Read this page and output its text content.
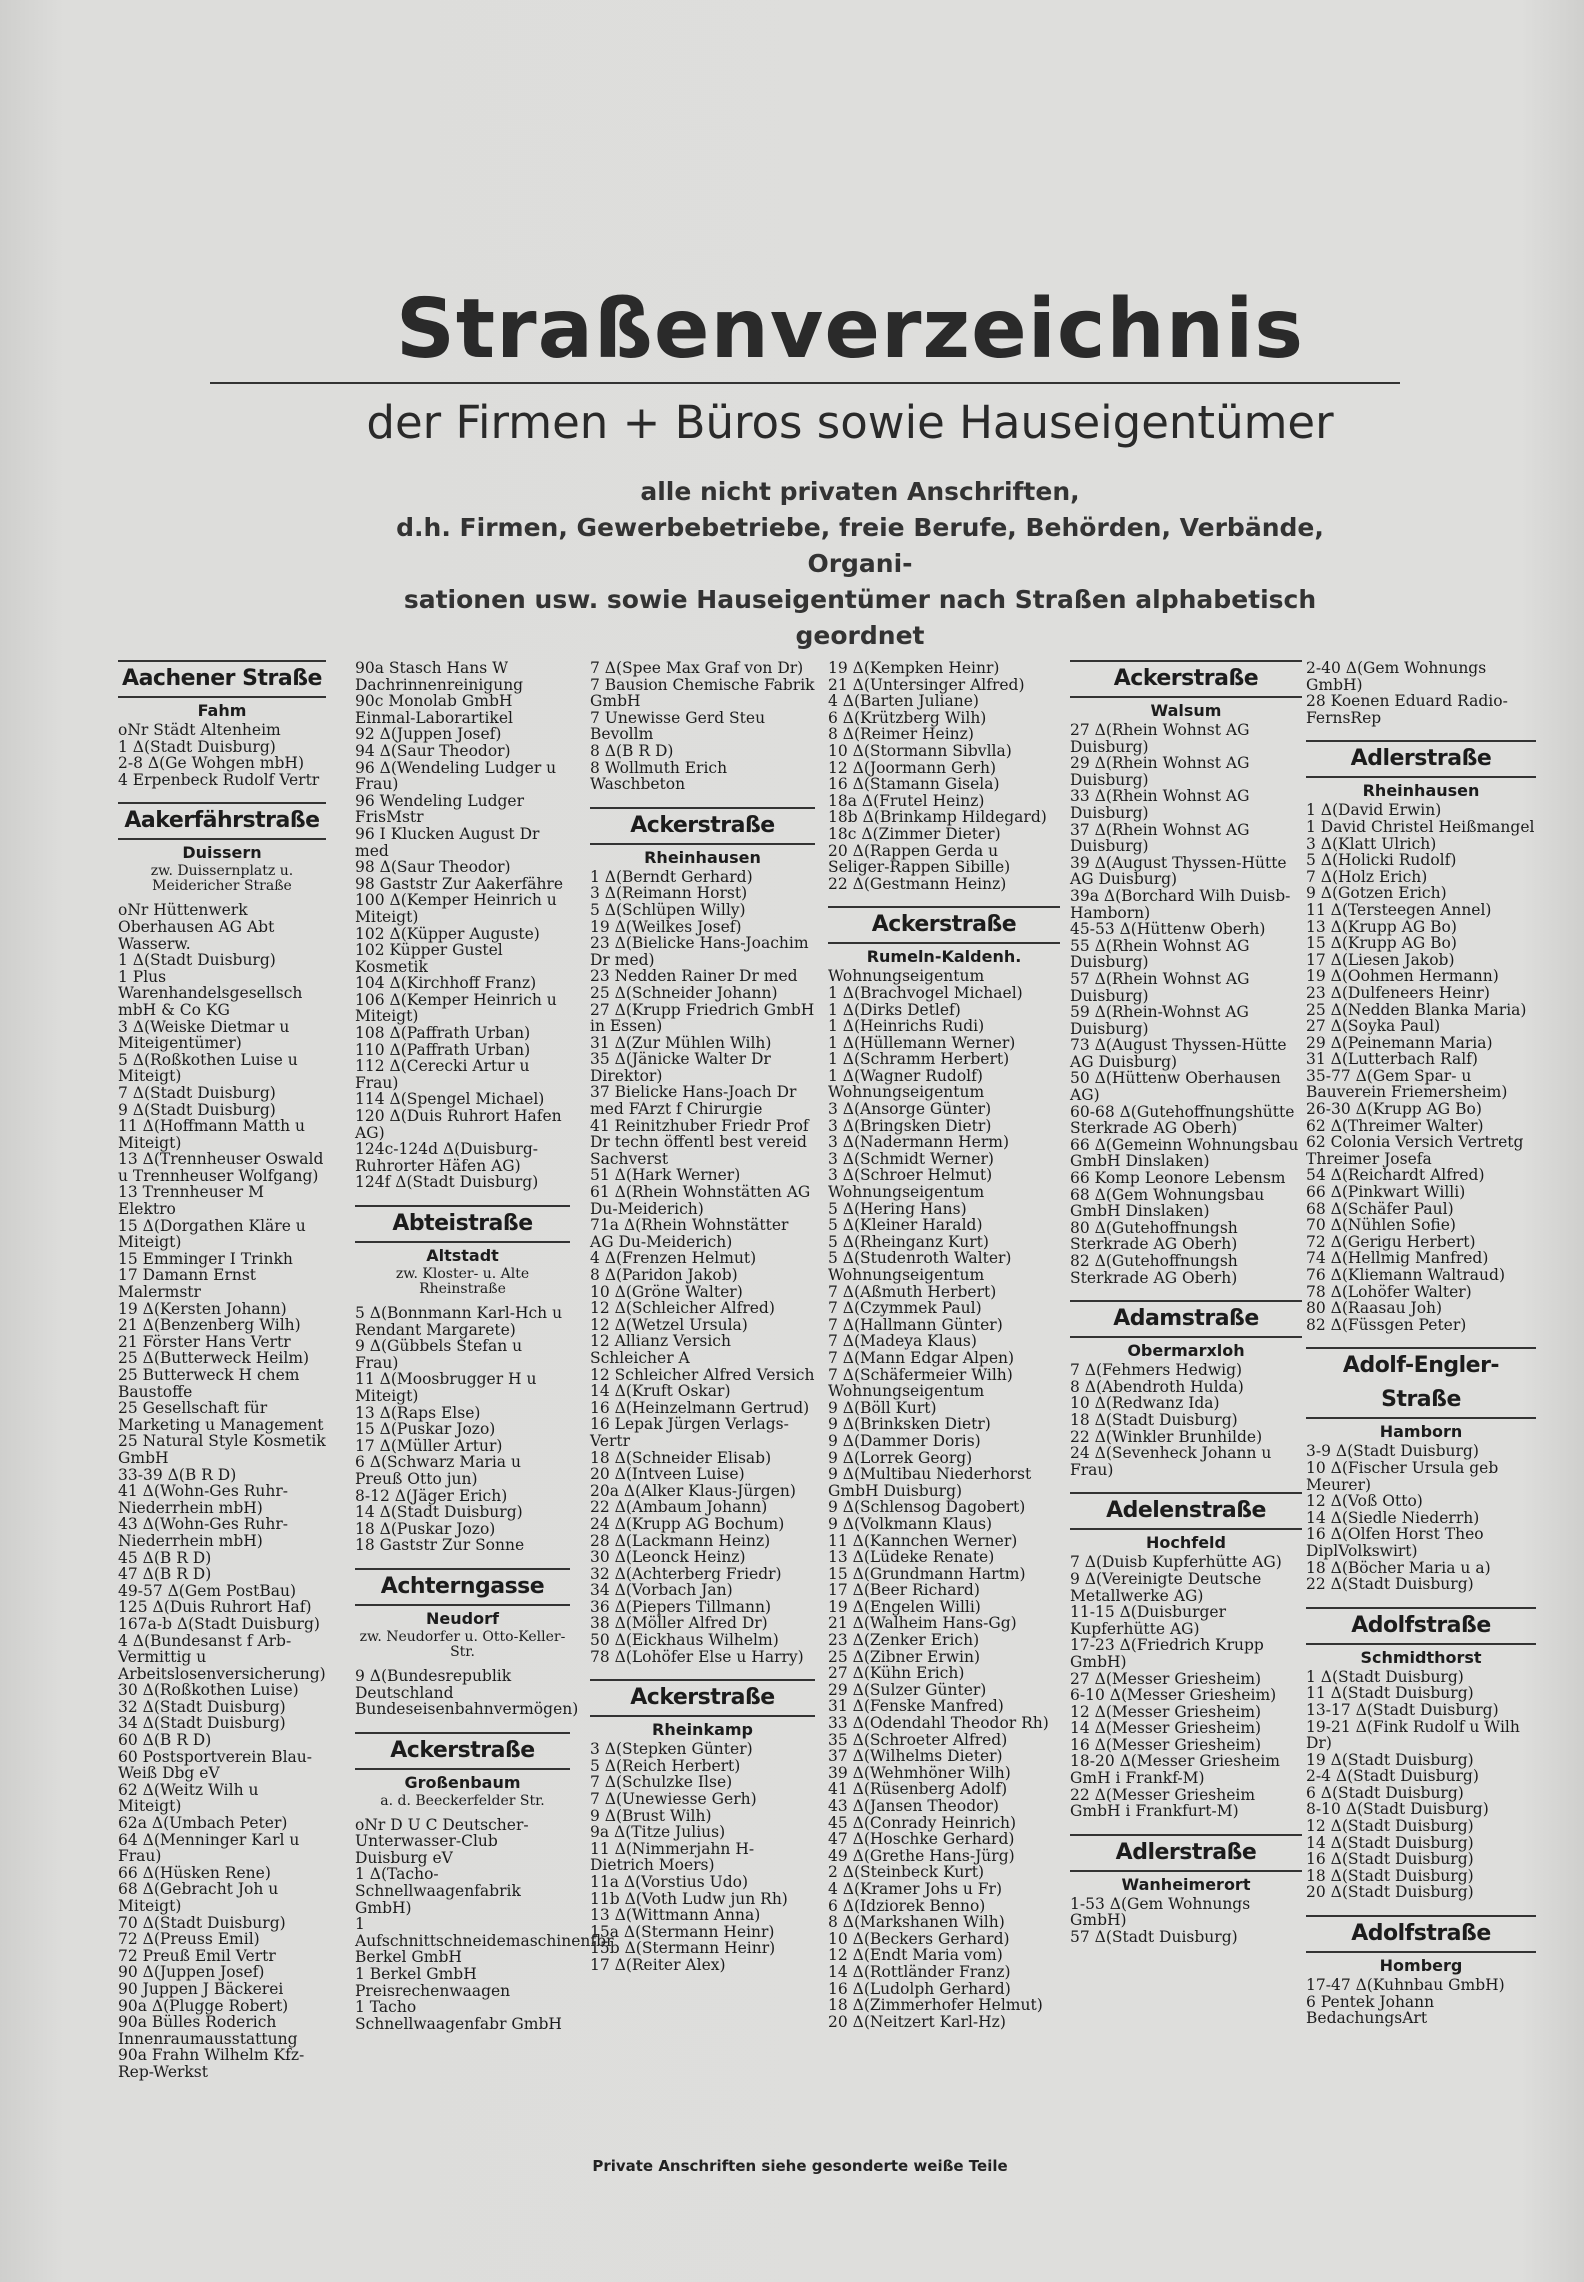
Straßenverzeichnis
der Firmen + Büros sowie Hauseigentümer
alle nicht privaten Anschriften,
d.h. Firmen, Gewerbebetriebe, freie Berufe, Behörden, Verbände, Organi-
sationen usw. sowie Hauseigentümer nach Straßen alphabetisch geordnet
Aachener Straße
Fahm
oNr Städt Altenheim
1 Δ(Stadt Duisburg)
2-8 Δ(Ge Wohgen mbH)
4 Erpenbeck Rudolf Vertr
Aakerfährstraße
Duissern
zw. Duissernplatz u. Meidericher Straße
oNr Hüttenwerk Oberhausen AG Abt Wasserw.
1 Δ(Stadt Duisburg)
1 Plus Warenhandelsgesellsch mbH & Co KG
3 Δ(Weiske Dietmar u Miteigentümer)
5 Δ(Roßkothen Luise u Miteigt)
7 Δ(Stadt Duisburg)
9 Δ(Stadt Duisburg)
11 Δ(Hoffmann Matth u Miteigt)
13 Δ(Trennheuser Oswald u Trennheuser Wolfgang)
13 Trennheuser M Elektro
15 Δ(Dorgathen Kläre u Miteigt)
15 Emminger I Trinkh
17 Damann Ernst Malermstr
19 Δ(Kersten Johann)
21 Δ(Benzenberg Wilh)
21 Förster Hans Vertr
25 Δ(Butterweck Heilm)
25 Butterweck H chem Baustoffe
25 Gesellschaft für Marketing u Management
25 Natural Style Kosmetik GmbH
33-39 Δ(B R D)
41 Δ(Wohn-Ges Ruhr-Niederrhein mbH)
43 Δ(Wohn-Ges Ruhr-Niederrhein mbH)
45 Δ(B R D)
47 Δ(B R D)
49-57 Δ(Gem PostBau)
125 Δ(Duis Ruhrort Haf)
167a-b Δ(Stadt Duisburg)
4 Δ(Bundesanst f Arb-Vermittig u Arbeitslosenversicherung)
30 Δ(Roßkothen Luise)
32 Δ(Stadt Duisburg)
34 Δ(Stadt Duisburg)
60 Δ(B R D)
60 Postsportverein Blau-Weiß Dbg eV
62 Δ(Weitz Wilh u Miteigt)
62a Δ(Umbach Peter)
64 Δ(Menninger Karl u Frau)
66 Δ(Hüsken Rene)
68 Δ(Gebracht Joh u Miteigt)
70 Δ(Stadt Duisburg)
72 Δ(Preuss Emil)
72 Preuß Emil Vertr
90 Δ(Juppen Josef)
90 Juppen J Bäckerei
90a Δ(Plugge Robert)
90a Bülles Roderich Innenraumausstattung
90a Frahn Wilhelm Kfz-Rep-Werkst
90a Stasch Hans W Dachrinnenreinigung
90c Monolab GmbH Einmal-Laborartikel
92 Δ(Juppen Josef)
94 Δ(Saur Theodor)
96 Δ(Wendeling Ludger u Frau)
96 Wendeling Ludger FrisMstr
96 I Klucken August Dr med
98 Δ(Saur Theodor)
98 Gaststr Zur Aakerfähre
100 Δ(Kemper Heinrich u Miteigt)
102 Δ(Küpper Auguste)
102 Küpper Gustel Kosmetik
104 Δ(Kirchhoff Franz)
106 Δ(Kemper Heinrich u Miteigt)
108 Δ(Paffrath Urban)
110 Δ(Paffrath Urban)
112 Δ(Cerecki Artur u Frau)
114 Δ(Spengel Michael)
120 Δ(Duis Ruhrort Hafen AG)
124c-124d Δ(Duisburg-Ruhrorter Häfen AG)
124f Δ(Stadt Duisburg)
Abteistraße
Altstadt
zw. Kloster- u. Alte Rheinstraße
5 Δ(Bonnmann Karl-Hch u Rendant Margarete)
9 Δ(Gübbels Stefan u Frau)
11 Δ(Moosbrugger H u Miteigt)
13 Δ(Raps Else)
15 Δ(Puskar Jozo)
17 Δ(Müller Artur)
6 Δ(Schwarz Maria u Preuß Otto jun)
8-12 Δ(Jäger Erich)
14 Δ(Stadt Duisburg)
18 Δ(Puskar Jozo)
18 Gaststr Zur Sonne
Achterngasse
Neudorf
zw. Neudorfer u. Otto-Keller-Str.
9 Δ(Bundesrepublik Deutschland Bundeseisenbahnvermögen)
Ackerstraße
Großenbaum
a. d. Beeckerfelder Str.
oNr D U C Deutscher-Unterwasser-Club Duisburg eV
1 Δ(Tacho-Schnellwaagenfabrik GmbH)
1 Aufschnittschneidemaschinenfbr Berkel GmbH
1 Berkel GmbH Preisrechenwaagen
1 Tacho Schnellwaagenfabr GmbH
7 Δ(Spee Max Graf von Dr)
7 Bausion Chemische Fabrik GmbH
7 Unewisse Gerd Steu Bevollm
8 Δ(B R D)
8 Wollmuth Erich Waschbeton
Ackerstraße
Rheinhausen
1 Δ(Berndt Gerhard)
3 Δ(Reimann Horst)
5 Δ(Schlüpen Willy)
19 Δ(Weilkes Josef)
23 Δ(Bielicke Hans-Joachim Dr med)
23 Nedden Rainer Dr med
25 Δ(Schneider Johann)
27 Δ(Krupp Friedrich GmbH in Essen)
31 Δ(Zur Mühlen Wilh)
35 Δ(Jänicke Walter Dr Direktor)
37 Bielicke Hans-Joach Dr med FArzt f Chirurgie
41 Reinitzhuber Friedr Prof Dr techn öffentl best vereid Sachverst
51 Δ(Hark Werner)
61 Δ(Rhein Wohnstätten AG Du-Meiderich)
71a Δ(Rhein Wohnstätter AG Du-Meiderich)
4 Δ(Frenzen Helmut)
8 Δ(Paridon Jakob)
10 Δ(Gröne Walter)
12 Δ(Schleicher Alfred)
12 Δ(Wetzel Ursula)
12 Allianz Versich Schleicher A
12 Schleicher Alfred Versich
14 Δ(Kruft Oskar)
16 Δ(Heinzelmann Gertrud)
16 Lepak Jürgen Verlags-Vertr
18 Δ(Schneider Elisab)
20 Δ(Intveen Luise)
20a Δ(Alker Klaus-Jürgen)
22 Δ(Ambaum Johann)
24 Δ(Krupp AG Bochum)
28 Δ(Lackmann Heinz)
30 Δ(Leonck Heinz)
32 Δ(Achterberg Friedr)
34 Δ(Vorbach Jan)
36 Δ(Piepers Tillmann)
38 Δ(Möller Alfred Dr)
50 Δ(Eickhaus Wilhelm)
78 Δ(Lohöfer Else u Harry)
Ackerstraße
Rheinkamp
3 Δ(Stepken Günter)
5 Δ(Reich Herbert)
7 Δ(Schulzke Ilse)
7 Δ(Unewiesse Gerh)
9 Δ(Brust Wilh)
9a Δ(Titze Julius)
11 Δ(Nimmerjahn H-Dietrich Moers)
11a Δ(Vorstius Udo)
11b Δ(Voth Ludw jun Rh)
13 Δ(Wittmann Anna)
15a Δ(Stermann Heinr)
15b Δ(Stermann Heinr)
17 Δ(Reiter Alex)
19 Δ(Kempken Heinr)
21 Δ(Untersinger Alfred)
4 Δ(Barten Juliane)
6 Δ(Krützberg Wilh)
8 Δ(Reimer Heinz)
10 Δ(Stormann Sibvlla)
12 Δ(Joormann Gerh)
16 Δ(Stamann Gisela)
18a Δ(Frutel Heinz)
18b Δ(Brinkamp Hildegard)
18c Δ(Zimmer Dieter)
20 Δ(Rappen Gerda u Seliger-Rappen Sibille)
22 Δ(Gestmann Heinz)
Ackerstraße
Rumeln-Kaldenh.
Wohnungseigentum
1 Δ(Brachvogel Michael)
1 Δ(Dirks Detlef)
1 Δ(Heinrichs Rudi)
1 Δ(Hüllemann Werner)
1 Δ(Schramm Herbert)
1 Δ(Wagner Rudolf) Wohnungseigentum
3 Δ(Ansorge Günter)
3 Δ(Bringsken Dietr)
3 Δ(Nadermann Herm)
3 Δ(Schmidt Werner)
3 Δ(Schroer Helmut) Wohnungseigentum
5 Δ(Hering Hans)
5 Δ(Kleiner Harald)
5 Δ(Rheinganz Kurt)
5 Δ(Studenroth Walter) Wohnungseigentum
7 Δ(Aßmuth Herbert)
7 Δ(Czymmek Paul)
7 Δ(Hallmann Günter)
7 Δ(Madeya Klaus)
7 Δ(Mann Edgar Alpen)
7 Δ(Schäfermeier Wilh) Wohnungseigentum
9 Δ(Böll Kurt)
9 Δ(Brinksken Dietr)
9 Δ(Dammer Doris)
9 Δ(Lorrek Georg)
9 Δ(Multibau Niederhorst GmbH Duisburg)
9 Δ(Schlensog Dagobert)
9 Δ(Volkmann Klaus)
11 Δ(Kannchen Werner)
13 Δ(Lüdeke Renate)
15 Δ(Grundmann Hartm)
17 Δ(Beer Richard)
19 Δ(Engelen Willi)
21 Δ(Walheim Hans-Gg)
23 Δ(Zenker Erich)
25 Δ(Zibner Erwin)
27 Δ(Kühn Erich)
29 Δ(Sulzer Günter)
31 Δ(Fenske Manfred)
33 Δ(Odendahl Theodor Rh)
35 Δ(Schroeter Alfred)
37 Δ(Wilhelms Dieter)
39 Δ(Wehmhöner Wilh)
41 Δ(Rüsenberg Adolf)
43 Δ(Jansen Theodor)
45 Δ(Conrady Heinrich)
47 Δ(Hoschke Gerhard)
49 Δ(Grethe Hans-Jürg)
2 Δ(Steinbeck Kurt)
4 Δ(Kramer Johs u Fr)
6 Δ(Idziorek Benno)
8 Δ(Markshanen Wilh)
10 Δ(Beckers Gerhard)
12 Δ(Endt Maria vom)
14 Δ(Rottländer Franz)
16 Δ(Ludolph Gerhard)
18 Δ(Zimmerhofer Helmut)
20 Δ(Neitzert Karl-Hz)
Ackerstraße
Walsum
27 Δ(Rhein Wohnst AG Duisburg)
29 Δ(Rhein Wohnst AG Duisburg)
33 Δ(Rhein Wohnst AG Duisburg)
37 Δ(Rhein Wohnst AG Duisburg)
39 Δ(August Thyssen-Hütte AG Duisburg)
39a Δ(Borchard Wilh Duisb-Hamborn)
45-53 Δ(Hüttenw Oberh)
55 Δ(Rhein Wohnst AG Duisburg)
57 Δ(Rhein Wohnst AG Duisburg)
59 Δ(Rhein-Wohnst AG Duisburg)
73 Δ(August Thyssen-Hütte AG Duisburg)
50 Δ(Hüttenw Oberhausen AG)
60-68 Δ(Gutehoffnungshütte Sterkrade AG Oberh)
66 Δ(Gemeinn Wohnungsbau GmbH Dinslaken)
66 Komp Leonore Lebensm
68 Δ(Gem Wohnungsbau GmbH Dinslaken)
80 Δ(Gutehoffnungsh Sterkrade AG Oberh)
82 Δ(Gutehoffnungsh Sterkrade AG Oberh)
Adamstraße
Obermarxloh
7 Δ(Fehmers Hedwig)
8 Δ(Abendroth Hulda)
10 Δ(Redwanz Ida)
18 Δ(Stadt Duisburg)
22 Δ(Winkler Brunhilde)
24 Δ(Sevenheck Johann u Frau)
Adelenstraße
Hochfeld
7 Δ(Duisb Kupferhütte AG)
9 Δ(Vereinigte Deutsche Metallwerke AG)
11-15 Δ(Duisburger Kupferhütte AG)
17-23 Δ(Friedrich Krupp GmbH)
27 Δ(Messer Griesheim)
6-10 Δ(Messer Griesheim)
12 Δ(Messer Griesheim)
14 Δ(Messer Griesheim)
16 Δ(Messer Griesheim)
18-20 Δ(Messer Griesheim GmH i Frankf-M)
22 Δ(Messer Griesheim GmbH i Frankfurt-M)
Adlerstraße
Wanheimerort
1-53 Δ(Gem Wohnungs GmbH)
57 Δ(Stadt Duisburg)
2-40 Δ(Gem Wohnungs GmbH)
28 Koenen Eduard Radio-FernsRep
Adlerstraße
Rheinhausen
1 Δ(David Erwin)
1 David Christel Heißmangel
3 Δ(Klatt Ulrich)
5 Δ(Holicki Rudolf)
7 Δ(Holz Erich)
9 Δ(Gotzen Erich)
11 Δ(Tersteegen Annel)
13 Δ(Krupp AG Bo)
15 Δ(Krupp AG Bo)
17 Δ(Liesen Jakob)
19 Δ(Oohmen Hermann)
23 Δ(Dulfeneers Heinr)
25 Δ(Nedden Blanka Maria)
27 Δ(Soyka Paul)
29 Δ(Peinemann Maria)
31 Δ(Lutterbach Ralf)
35-77 Δ(Gem Spar- u Bauverein Friemersheim)
26-30 Δ(Krupp AG Bo)
62 Δ(Threimer Walter)
62 Colonia Versich Vertretg Threimer Josefa
54 Δ(Reichardt Alfred)
66 Δ(Pinkwart Willi)
68 Δ(Schäfer Paul)
70 Δ(Nühlen Sofie)
72 Δ(Gerigu Herbert)
74 Δ(Hellmig Manfred)
76 Δ(Kliemann Waltraud)
78 Δ(Lohöfer Walter)
80 Δ(Raasau Joh)
82 Δ(Füssgen Peter)
Adolf-Engler-Straße
Hamborn
3-9 Δ(Stadt Duisburg)
10 Δ(Fischer Ursula geb Meurer)
12 Δ(Voß Otto)
14 Δ(Siedle Niederrh)
16 Δ(Olfen Horst Theo DiplVolkswirt)
18 Δ(Böcher Maria u a)
22 Δ(Stadt Duisburg)
Adolfstraße
Schmidthorst
1 Δ(Stadt Duisburg)
11 Δ(Stadt Duisburg)
13-17 Δ(Stadt Duisburg)
19-21 Δ(Fink Rudolf u Wilh Dr)
19 Δ(Stadt Duisburg)
2-4 Δ(Stadt Duisburg)
6 Δ(Stadt Duisburg)
8-10 Δ(Stadt Duisburg)
12 Δ(Stadt Duisburg)
14 Δ(Stadt Duisburg)
16 Δ(Stadt Duisburg)
18 Δ(Stadt Duisburg)
20 Δ(Stadt Duisburg)
Adolfstraße
Homberg
17-47 Δ(Kuhnbau GmbH)
6 Pentek Johann BedachungsArt
Private Anschriften siehe gesonderte weiße Teile
